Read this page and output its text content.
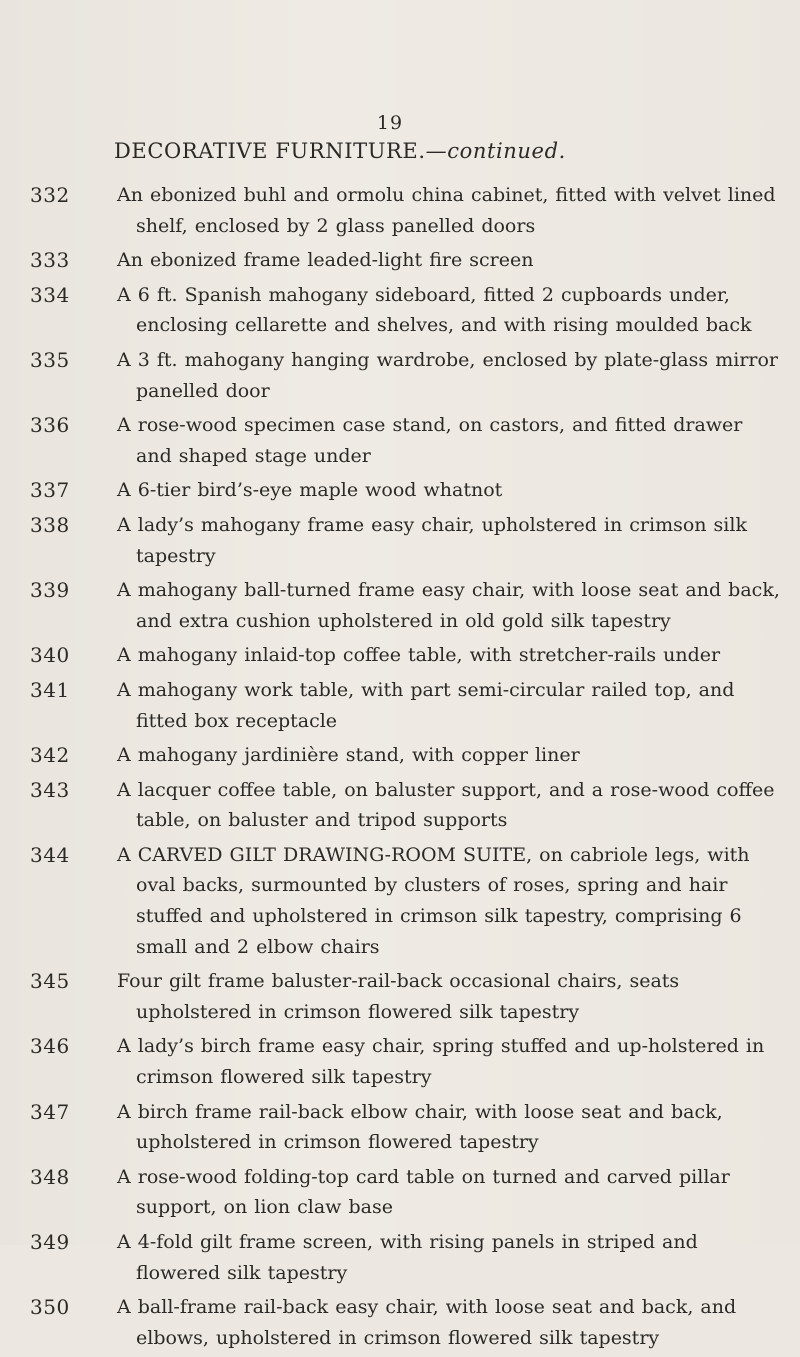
19
DECORATIVE FURNITURE.—continued.
332	An ebonized buhl and ormolu china cabinet, fitted with velvet lined shelf, enclosed by 2 glass panelled doors
333	An ebonized frame leaded-light fire screen
334	A 6 ft. Spanish mahogany sideboard, fitted 2 cupboards under, enclosing cellarette and shelves, and with rising moulded back
335	A 3 ft. mahogany hanging wardrobe, enclosed by plate-glass mirror panelled door
336	A rose-wood specimen case stand, on castors, and fitted drawer and shaped stage under
337	A 6-tier bird’s-eye maple wood whatnot
338	A lady’s mahogany frame easy chair, upholstered in crimson silk tapestry
339	A mahogany ball-turned frame easy chair, with loose seat and back, and extra cushion upholstered in old gold silk tapestry
340	A mahogany inlaid-top coffee table, with stretcher-rails under
341	A mahogany work table, with part semi-circular railed top, and fitted box receptacle
342	A mahogany jardinière stand, with copper liner
343	A lacquer coffee table, on baluster support, and a rose-wood coffee table, on baluster and tripod supports
344	A CARVED GILT DRAWING-ROOM SUITE, on cabriole legs, with oval backs, surmounted by clusters of roses, spring and hair stuffed and upholstered in crimson silk tapestry, comprising 6 small and 2 elbow chairs
345	Four gilt frame baluster-rail-back occasional chairs, seats upholstered in crimson flowered silk tapestry
346	A lady’s birch frame easy chair, spring stuffed and up-holstered in crimson flowered silk tapestry
347	A birch frame rail-back elbow chair, with loose seat and back, upholstered in crimson flowered tapestry
348	A rose-wood folding-top card table on turned and carved pillar support, on lion claw base
349	A 4-fold gilt frame screen, with rising panels in striped and flowered silk tapestry
350	A ball-frame rail-back easy chair, with loose seat and back, and elbows, upholstered in crimson flowered silk tapestry
